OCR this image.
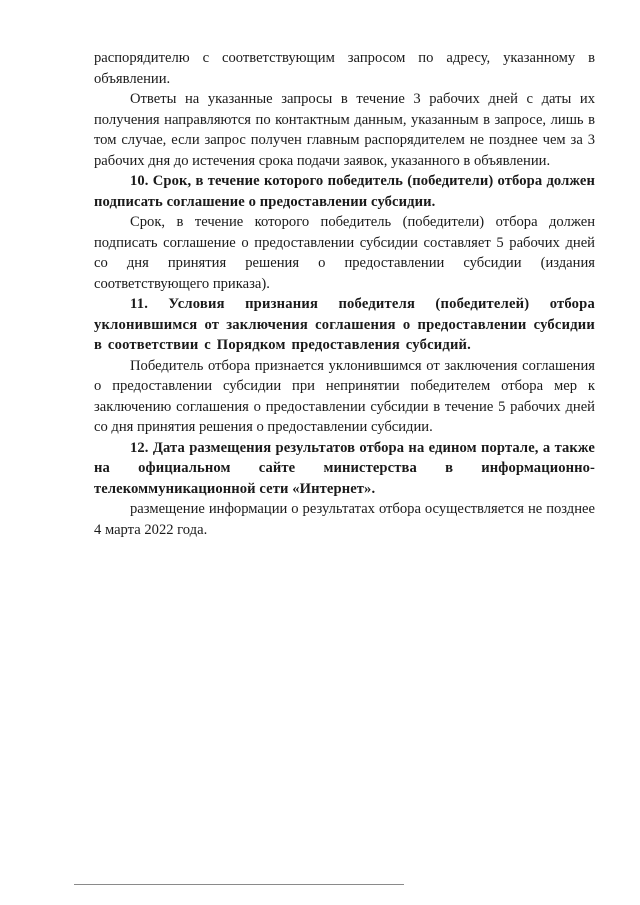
распорядителю с соответствующим запросом по адресу, указанному в объявлении.

Ответы на указанные запросы в течение 3 рабочих дней с даты их получения направляются по контактным данным, указанным в запросе, лишь в том случае, если запрос получен главным распорядителем не позднее чем за 3 рабочих дня до истечения срока подачи заявок, указанного в объявлении.

10. Срок, в течение которого победитель (победители) отбора должен подписать соглашение о предоставлении субсидии.

Срок, в течение которого победитель (победители) отбора должен подписать соглашение о предоставлении субсидии составляет 5 рабочих дней со дня принятия решения о предоставлении субсидии (издания соответствующего приказа).

11. Условия признания победителя (победителей) отбора уклонившимся от заключения соглашения о предоставлении субсидии в соответствии с Порядком предоставления субсидий.

Победитель отбора признается уклонившимся от заключения соглашения о предоставлении субсидии при непринятии победителем отбора мер к заключению соглашения о предоставлении субсидии в течение 5 рабочих дней со дня принятия решения о предоставлении субсидии.

12. Дата размещения результатов отбора на едином портале, а также на официальном сайте министерства в информационно-телекоммуникационной сети «Интернет».

размещение информации о результатах отбора осуществляется не позднее 4 марта 2022 года.
